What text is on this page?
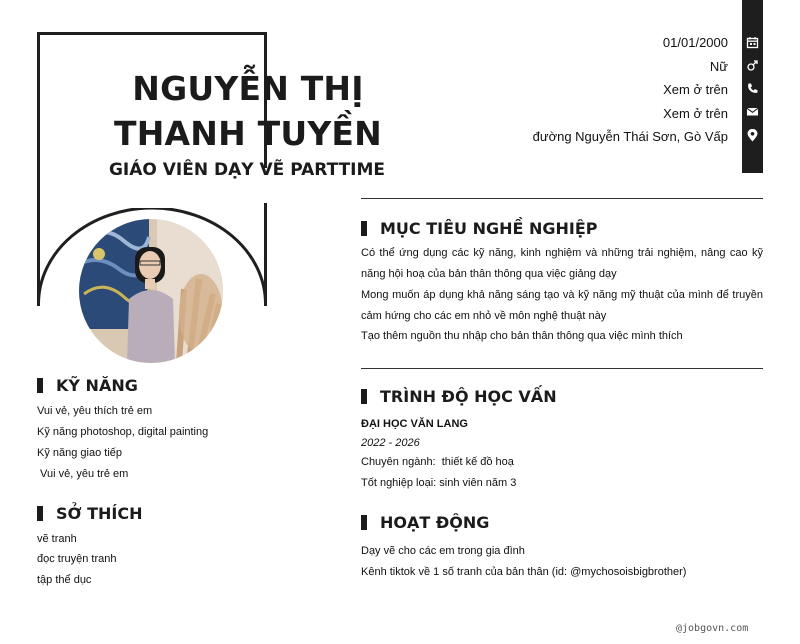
NGUYỄN THỊ THANH TUYỀN
GIÁO VIÊN DẠY VẼ PARTTIME
01/01/2000
Nữ
Xem ở trên
Xem ở trên
đường Nguyễn Thái Sơn, Gò Vấp
KỸ NĂNG
Vui vẻ, yêu thích trẻ em
Kỹ năng photoshop, digital painting
Kỹ năng giao tiếp
Vui vẻ, yêu trẻ em
SỞ THÍCH
vẽ tranh
đọc truyện tranh
tập thể dục
MỤC TIÊU NGHỀ NGHIỆP
Có thể ứng dụng các kỹ năng, kinh nghiệm và những trải nghiệm, nâng cao kỹ năng hội hoạ của bản thân thông qua việc giảng dạy
Mong muốn áp dụng khả năng sáng tạo và kỹ năng mỹ thuật của mình để truyền cảm hứng cho các em nhỏ về môn nghệ thuật này
Tạo thêm nguồn thu nhập cho bản thân thông qua việc mình thích
TRÌNH ĐỘ HỌC VẤN
ĐẠI HỌC VĂN LANG
2022 - 2026
Chuyên ngành:  thiết kế đồ hoạ
Tốt nghiệp loại: sinh viên năm 3
HOẠT ĐỘNG
Dạy vẽ cho các em trong gia đình
Kênh tiktok về 1 số tranh của bản thân (id: @mychosoisbigbrother)
@jobgovn.com
